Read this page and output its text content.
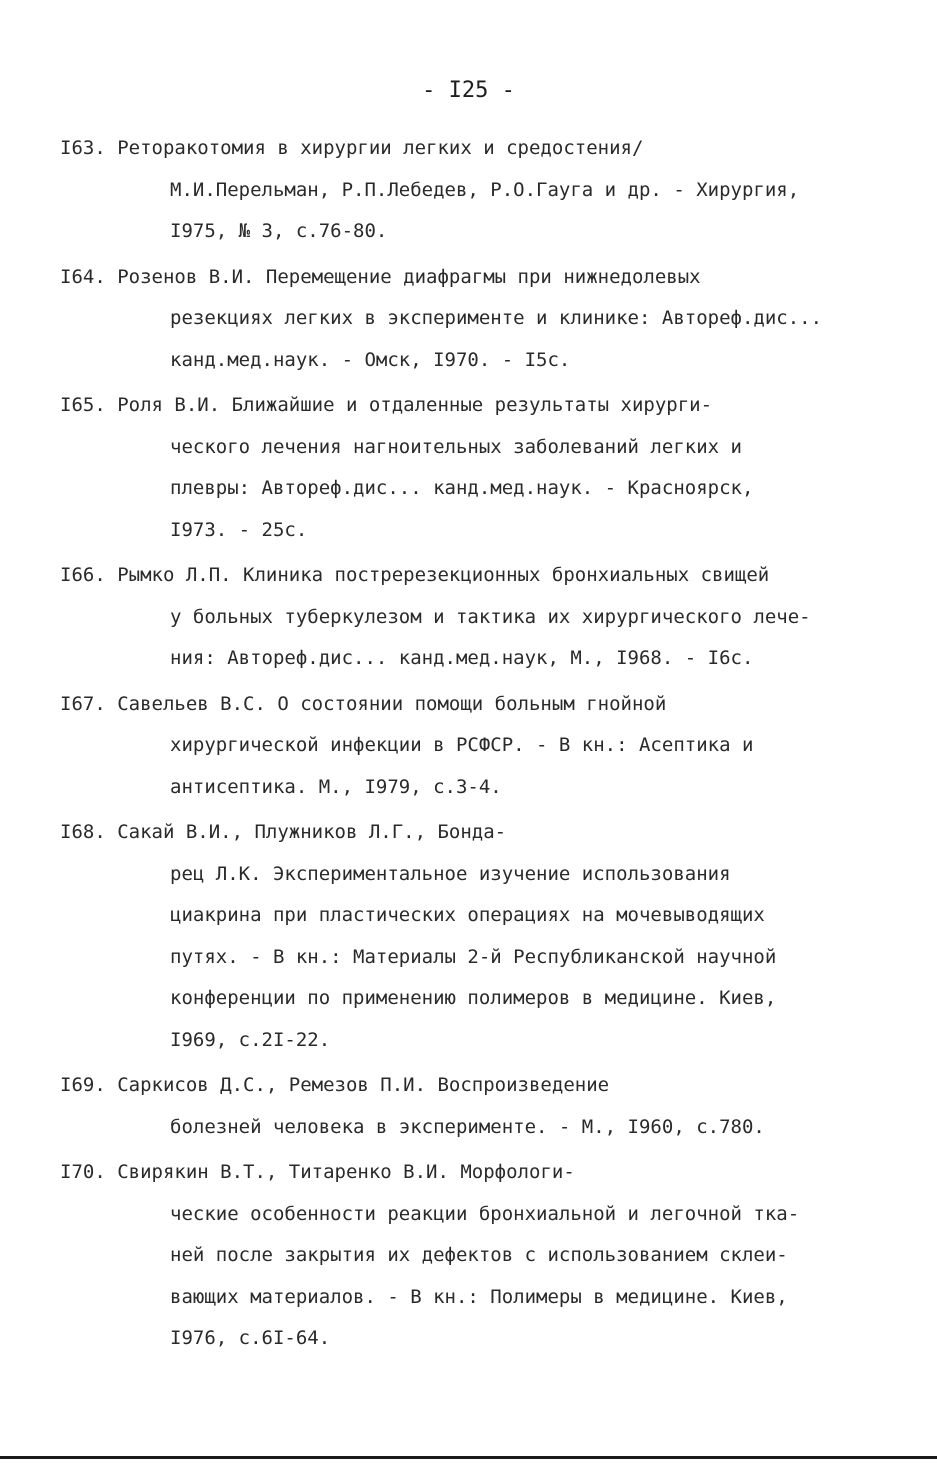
- I25 -
I63. Реторакотомия в хирургии легких и средостения/
М.И.Перельман, Р.П.Лебедев, Р.О.Гауга и др. - Хирургия,
I975, № 3, с.76-80.
I64. Розенов В.И. Перемещение диафрагмы при нижнедолевых
резекциях легких в эксперименте и клинике: Автореф.дис...
канд.мед.наук. - Омск, I970. - I5с.
I65. Роля В.И. Ближайшие и отдаленные результаты хирурги-
ческого лечения нагноительных заболеваний легких и
плевры: Автореф.дис... канд.мед.наук. - Красноярск,
I973. - 25с.
I66. Рымко Л.П. Клиника постререзекционных бронхиальных свищей
у больных туберкулезом и тактика их хирургического лече-
ния: Автореф.дис... канд.мед.наук, М., I968. - I6с.
I67. Савельев В.С. О состоянии помощи больным гнойной
хирургической инфекции в РСФСР. - В кн.: Асептика и
антисептика. М., I979, с.3-4.
I68. Сакай В.И., Плужников Л.Г., Бонда-
рец Л.К. Экспериментальное изучение использования
циакрина при пластических операциях на мочевыводящих
путях. - В кн.: Материалы 2-й Республиканской научной
конференции по применению полимеров в медицине. Киев,
I969, с.2I-22.
I69. Саркисов Д.С., Ремезов П.И. Воспроизведение
болезней человека в эксперименте. - М., I960, с.780.
I70. Свирякин В.Т., Титаренко В.И. Морфологи-
ческие особенности реакции бронхиальной и легочной тка-
ней после закрытия их дефектов с использованием склеи-
вающих материалов. - В кн.: Полимеры в медицине. Киев,
I976, с.6I-64.
